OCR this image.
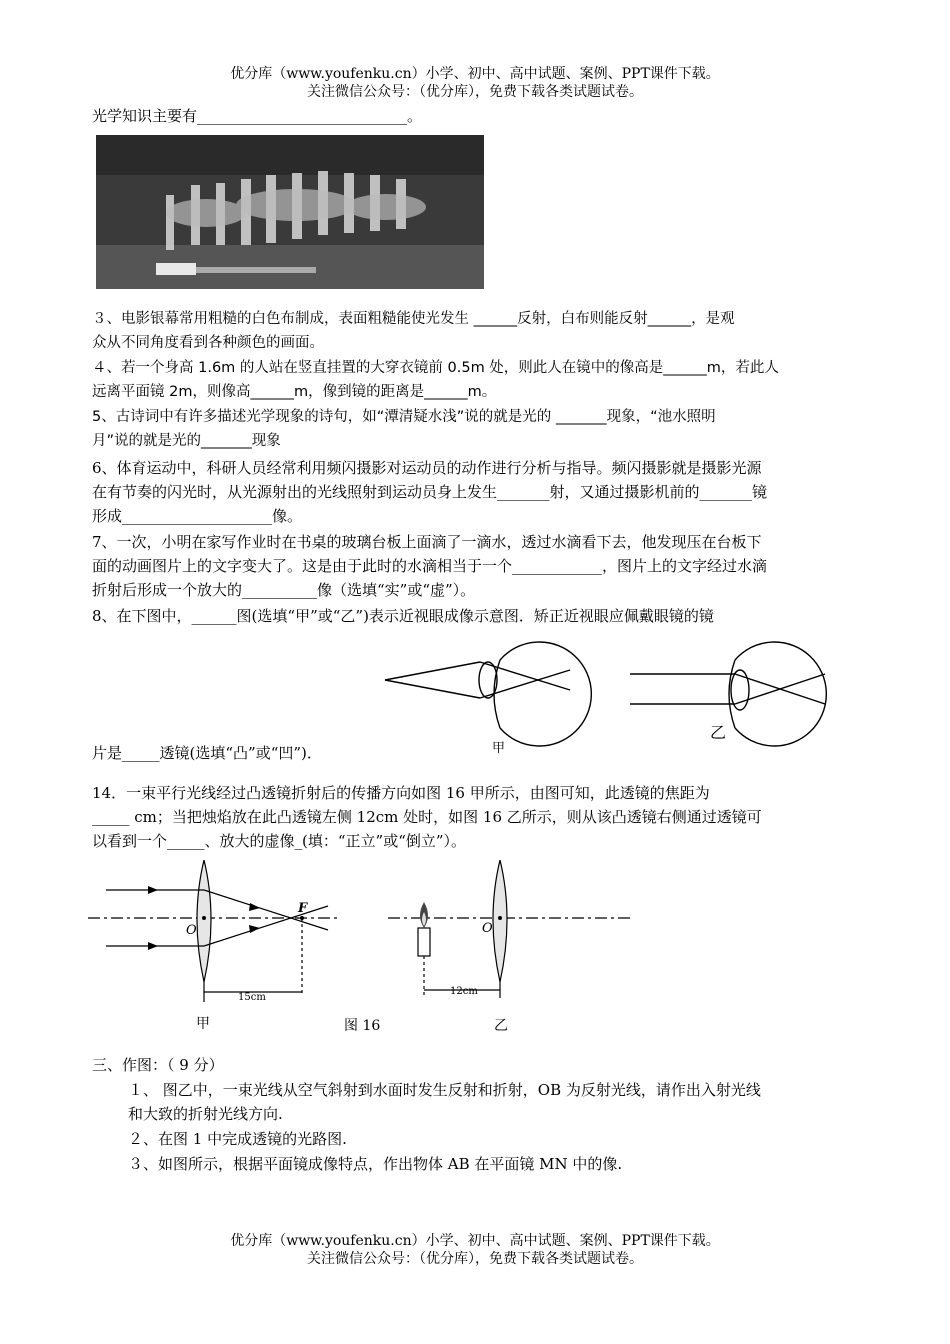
优分库（www.youfenku.cn）小学、初中、高中试题、案例、PPT课件下载。
关注微信公众号：（优分库），免费下载各类试题试卷。
光学知识主要有____________________________。
３、电影银幕常用粗糙的白色布制成，表面粗糙能使光发生 ______反射，白布则能反射______，是观
众从不同角度看到各种颜色的画面。
４、若一个身高 1.6m 的人站在竖直挂置的大穿衣镜前 0.5m 处，则此人在镜中的像高是______m，若此人
远离平面镜 2m，则像高______m，像到镜的距离是______m。
5、古诗词中有许多描述光学现象的诗句，如“潭清疑水浅”说的就是光的 _______现象，“池水照明
月”说的就是光的_______现象
6、体育运动中，科研人员经常利用频闪摄影对运动员的动作进行分析与指导。频闪摄影就是摄影光源
在有节奏的闪光时，从光源射出的光线照射到运动员身上发生_______射，又通过摄影机前的_______镜
形成____________________像。
7、一次，小明在家写作业时在书桌的玻璃台板上面滴了一滴水，透过水滴看下去，他发现压在台板下
面的动画图片上的文字变大了。这是由于此时的水滴相当于一个____________，图片上的文字经过水滴
折射后形成一个放大的__________像（选填“实”或“虚”）。
8、在下图中，______图(选填“甲”或“乙”)表示近视眼成像示意图．矫正近视眼应佩戴眼镜的镜
甲
乙
片是_____透镜(选填“凸”或“凹”)．
14．一束平行光线经过凸透镜折射后的传播方向如图 16 甲所示，由图可知，此透镜的焦距为
_____ cm；当把烛焰放在此凸透镜左侧 12cm 处时，如图 16 乙所示，则从该凸透镜右侧通过透镜可
以看到一个_____、放大的虚像_(填：“正立”或“倒立”）。
O
F
15cm
甲	图 16
O
12cm
乙
三、作图：（ 9 分）
１、 图乙中，一束光线从空气斜射到水面时发生反射和折射，OB 为反射光线，请作出入射光线
和大致的折射光线方向.
２、在图 1 中完成透镜的光路图.
３、如图所示，根据平面镜成像特点，作出物体 AB 在平面镜 MN 中的像.
优分库（www.youfenku.cn）小学、初中、高中试题、案例、PPT课件下载。
关注微信公众号：（优分库），免费下载各类试题试卷。
